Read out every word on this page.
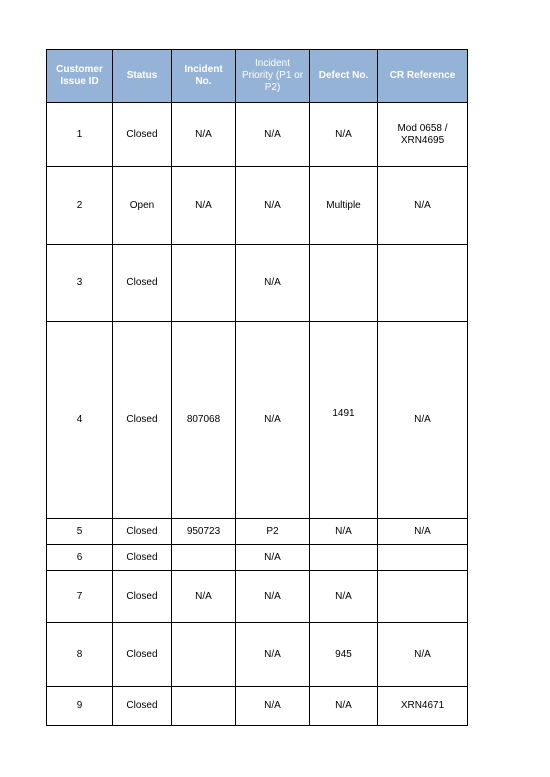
Customer Issue ID	Status	Incident No.	Incident Priority (P1 or P2)	Defect No.	CR Reference
1	Closed	N/A	N/A	N/A	Mod 0658 / XRN4695
2	Open	N/A	N/A	Multiple	N/A
3	Closed		N/A		
4	Closed	807068	N/A	1491	N/A
5	Closed	950723	P2	N/A	N/A
6	Closed		N/A		
7	Closed	N/A	N/A	N/A	
8	Closed		N/A	945	N/A
9	Closed		N/A	N/A	XRN4671
